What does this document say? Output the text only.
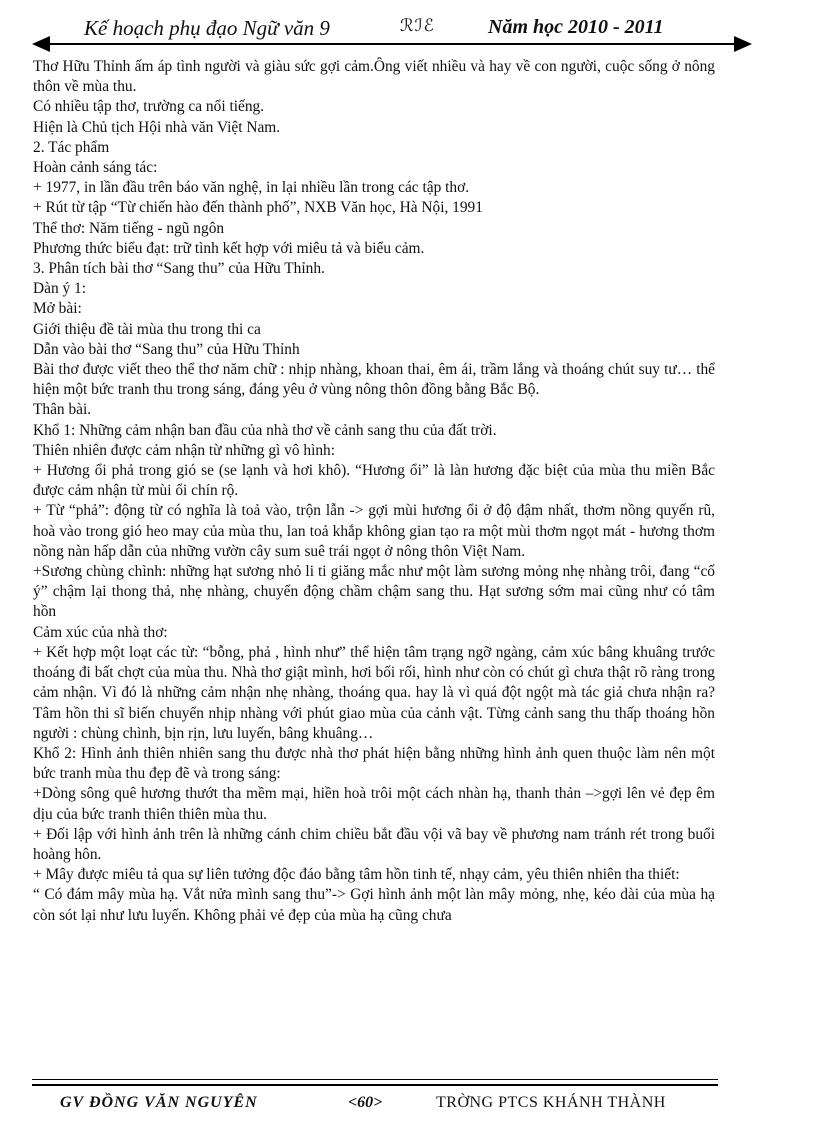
Kế hoạch phụ đạo Ngữ văn 9	ℛℐℰ	Năm học 2010 - 2011

Thơ Hữu Thỉnh ấm áp tình người và giàu sức gợi cảm.Ông viết nhiều và hay về con người, cuộc sống ở nông thôn về mùa thu.

Có nhiều tập thơ, trường ca nổi tiếng.

Hiện là Chủ tịch Hội nhà văn Việt Nam.

2. Tác phẩm

Hoàn cảnh sáng tác:

+ 1977, in lần đầu trên báo văn nghệ, in lại nhiều lần trong các tập thơ.

+ Rút từ tập “Từ chiến hào đến thành phố”, NXB Văn học, Hà Nội, 1991

Thể thơ: Năm tiếng - ngũ ngôn

Phương thức biểu đạt: trữ tình kết hợp với miêu tả và biểu cảm.

3. Phân tích bài thơ “Sang thu” của Hữu Thỉnh.

Dàn ý 1:

Mở bài:

Giới thiệu đề tài mùa thu trong thi ca

Dẫn vào bài thơ “Sang thu” của Hữu Thỉnh

Bài thơ được viết theo thể thơ năm chữ : nhịp nhàng, khoan thai, êm ái, trầm lắng và thoáng chút suy tư… thể hiện một bức tranh thu trong sáng, đáng yêu ở vùng nông thôn đồng bằng Bắc Bộ.

Thân bài.

Khổ 1: Những cảm nhận ban đầu của nhà thơ về cảnh sang thu của đất trời.

Thiên nhiên được cảm nhận từ những gì vô hình:

+ Hương ổi phả trong gió se (se lạnh và hơi khô). “Hương ổi” là làn hương đặc biệt của mùa thu miền Bắc được cảm nhận từ mùi ổi chín rộ.

+ Từ “phả”: động từ có nghĩa là toả vào, trộn lẫn -> gợi mùi hương ổi ở độ đậm nhất, thơm nồng quyến rũ, hoà vào trong gió heo may của mùa thu, lan toả khắp không gian tạo ra một mùi thơm ngọt mát - hương thơm nồng nàn hấp dẫn của những vườn cây sum suê trái ngọt ở nông thôn Việt Nam.

+Sương chùng chình: những hạt sương nhỏ li ti giăng mắc như một làm sương mỏng nhẹ nhàng trôi, đang “cố ý” chậm lại thong thả, nhẹ nhàng, chuyển động chầm chậm sang thu. Hạt sương sớm mai cũng như có tâm hồn

Cảm xúc của nhà thơ:

+ Kết hợp một loạt các từ: “bỗng, phả , hình như” thể hiện tâm trạng ngỡ ngàng, cảm xúc bâng khuâng trước thoáng đi bất chợt của mùa thu. Nhà thơ giật mình, hơi bối rối, hình như còn có chút gì chưa thật rõ ràng trong cảm nhận. Vì đó là những cảm nhận nhẹ nhàng, thoáng qua. hay là vì quá đột ngột mà tác giả chưa nhận ra? Tâm hồn thi sĩ biến chuyển nhịp nhàng với phút giao mùa của cảnh vật. Từng cảnh sang thu thấp thoáng hồn người : chùng chình, bịn rịn, lưu luyến, bâng khuâng…

Khổ 2: Hình ảnh thiên nhiên sang thu được nhà thơ phát hiện bằng những hình ảnh quen thuộc làm nên một bức tranh mùa thu đẹp đẽ và trong sáng:

+Dòng sông quê hương thướt tha mềm mại, hiền hoà trôi một cách nhàn hạ, thanh thản –>gợi lên vẻ đẹp êm dịu của bức tranh thiên thiên mùa thu.

+ Đối lập với hình ảnh trên là những cánh chim chiều bắt đầu vội vã bay về phương nam tránh rét trong buổi hoàng hôn.

+ Mây được miêu tả qua sự liên tưởng độc đáo bằng tâm hồn tinh tế, nhạy cảm, yêu thiên nhiên tha thiết:

“ Có đám mây mùa hạ. Vắt nửa mình sang thu”-> Gợi hình ảnh một làn mây mỏng, nhẹ, kéo dài của mùa hạ còn sót lại như lưu luyến. Không phải vẻ đẹp của mùa hạ cũng chưa

GV ĐỒNG VĂN NGUYÊN	<60>	TRỜNG PTCS KHÁNH THÀNH
